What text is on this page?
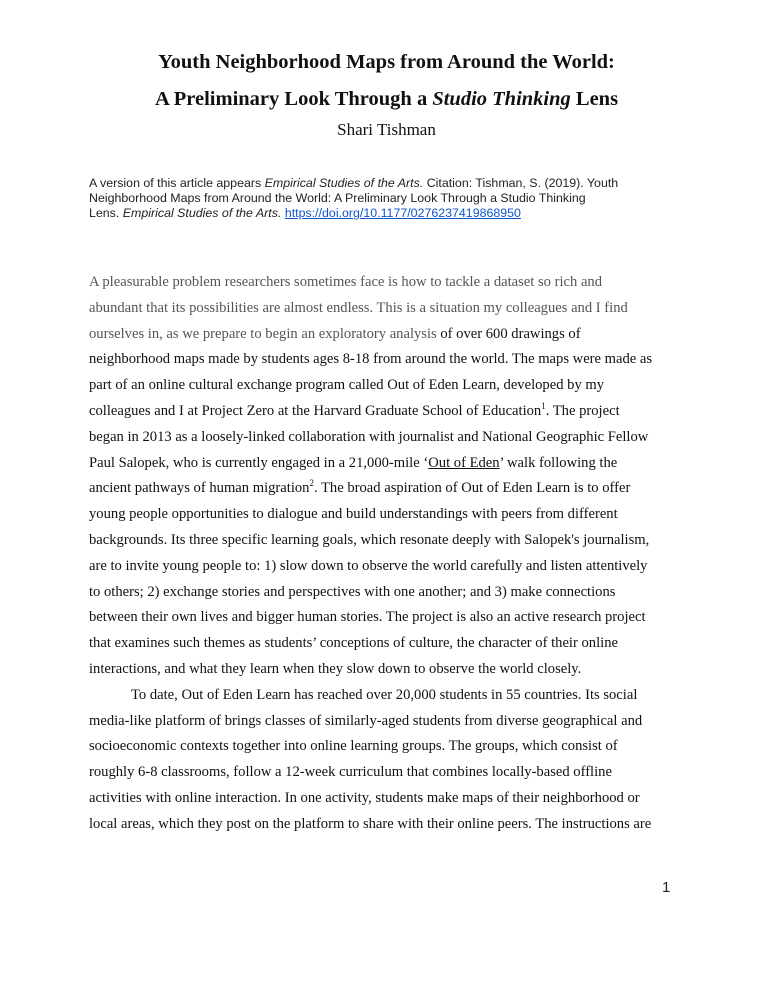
Youth Neighborhood Maps from Around the World:
A Preliminary Look Through a Studio Thinking Lens
Shari Tishman
A version of this article appears Empirical Studies of the Arts. Citation: Tishman, S. (2019). Youth
Neighborhood Maps from Around the World: A Preliminary Look Through a Studio Thinking
Lens. Empirical Studies of the Arts. https://doi.org/10.1177/0276237419868950
A pleasurable problem researchers sometimes face is how to tackle a dataset so rich and
abundant that its possibilities are almost endless. This is a situation my colleagues and I find
ourselves in, as we prepare to begin an exploratory analysis of over 600 drawings of
neighborhood maps made by students ages 8-18 from around the world. The maps were made as
part of an online cultural exchange program called Out of Eden Learn, developed by my
colleagues and I at Project Zero at the Harvard Graduate School of Education$^1$. The project
began in 2013 as a loosely-linked collaboration with journalist and National Geographic Fellow
Paul Salopek, who is currently engaged in a 21,000-mile ‘Out of Eden’ walk following the
ancient pathways of human migration$^2$. The broad aspiration of Out of Eden Learn is to offer
young people opportunities to dialogue and build understandings with peers from different
backgrounds. Its three specific learning goals, which resonate deeply with Salopek's journalism,
are to invite young people to: 1) slow down to observe the world carefully and listen attentively
to others; 2) exchange stories and perspectives with one another; and 3) make connections
between their own lives and bigger human stories. The project is also an active research project
that examines such themes as students’ conceptions of culture, the character of their online
interactions, and what they learn when they slow down to observe the world closely.
To date, Out of Eden Learn has reached over 20,000 students in 55 countries. Its social
media-like platform of brings classes of similarly-aged students from diverse geographical and
socioeconomic contexts together into online learning groups. The groups, which consist of
roughly 6-8 classrooms, follow a 12-week curriculum that combines locally-based offline
activities with online interaction. In one activity, students make maps of their neighborhood or
local areas, which they post on the platform to share with their online peers. The instructions are
1
